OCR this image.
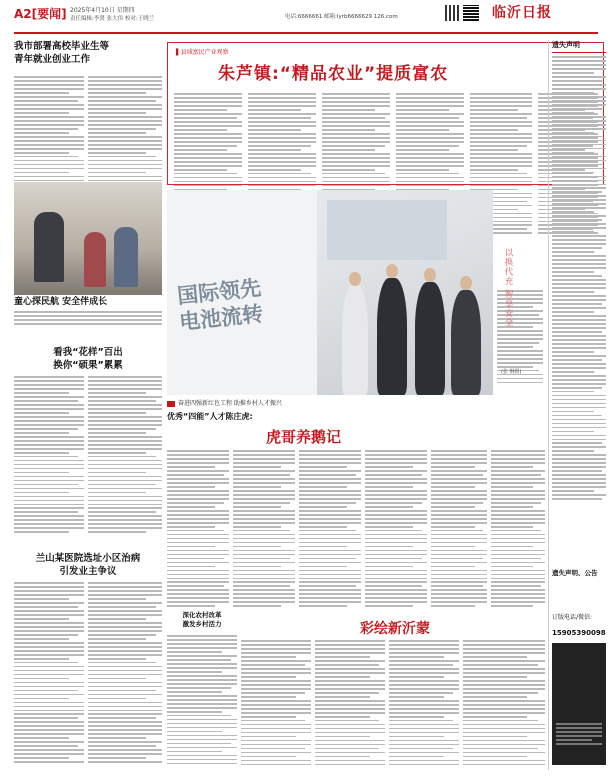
A2[要闻] 2025年4月10日 星期四
责任编辑:李贤 张大伟 校对:王晓兰	电话:6666661 邮箱:lyrb6666629 126.com	临沂日报
我市部署高校毕业生等
青年就业创业工作
童心探民航 安全伴成长
看我“花样”百出
换你“硕果”累累
兰山某医院选址小区治病
引发业主争议
▌县域富民产业观察
朱芦镇:“精品农业”提质富农
国际领先
电池流转
(张 桐摄)
以换代充 智享安全
奋进四强新红色工程 助推乡村人才振兴
优秀“四能”人才陈庄虎:
虎哥养鹅记
彩绘新沂蒙
深化农村改革
激发乡村活力
遗失声明
遗失声明、公告
订版电话/微信:
15905390098
